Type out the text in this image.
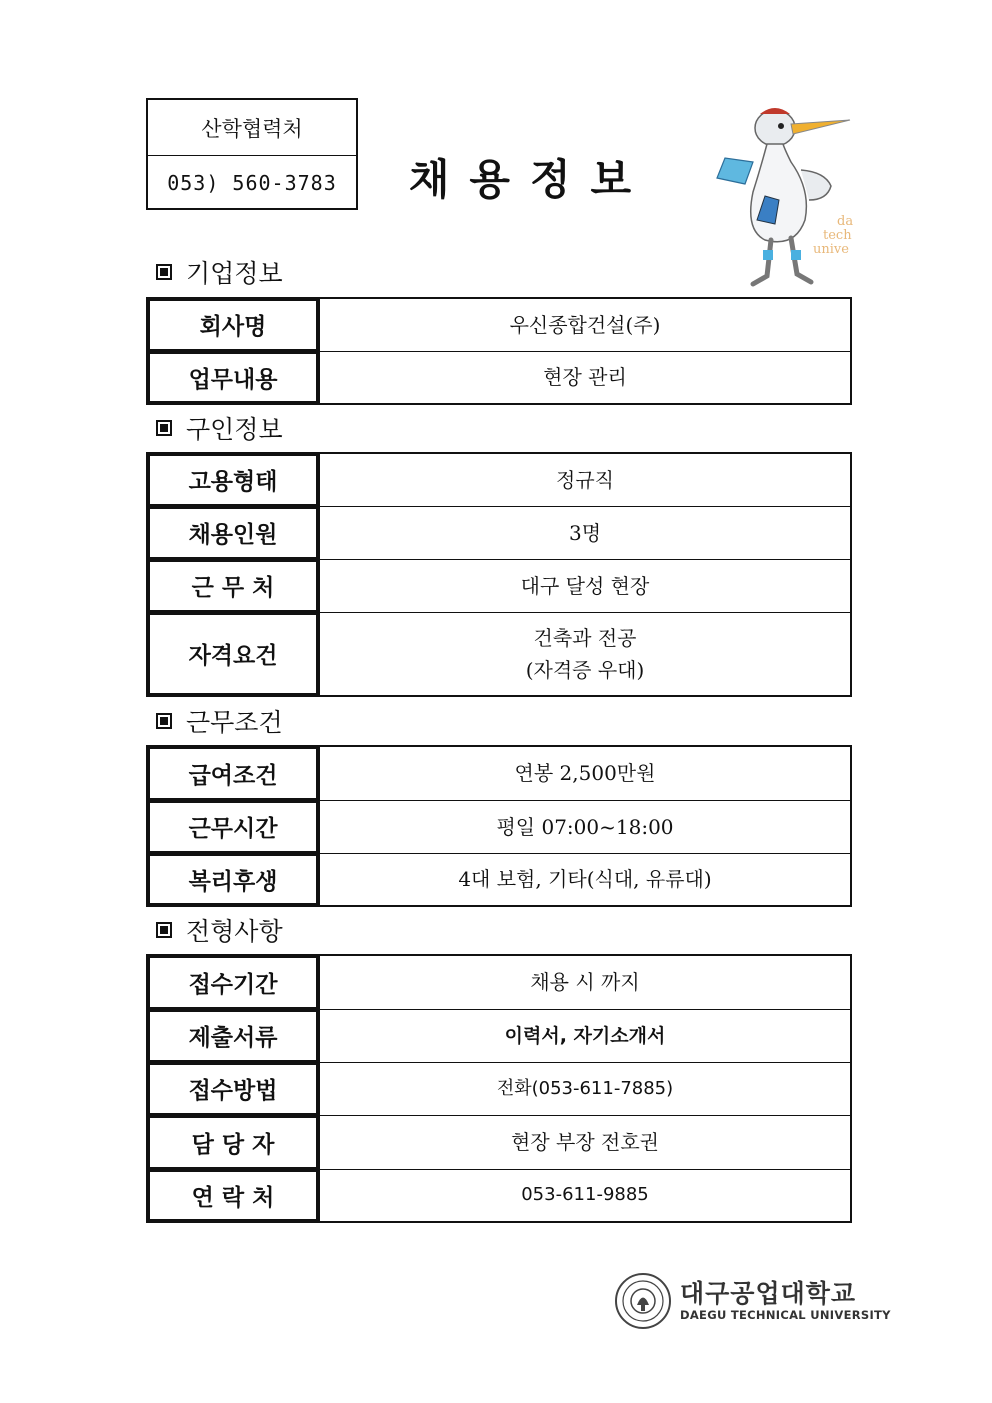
산학협력처
053) 560-3783	채용정보
da
tech
unive
기업정보
회사명	우신종합건설(주)
업무내용	현장 관리
구인정보
고용형태	정규직
채용인원	3명
근 무 처	대구 달성 현장
자격요건	건축과 전공
(자격증 우대)
근무조건
급여조건	연봉 2,500만원
근무시간	평일 07:00~18:00
복리후생	4대 보험, 기타(식대, 유류대)
전형사항
접수기간	채용 시 까지
제출서류	이력서, 자기소개서
접수방법	전화(053-611-7885)
담 당 자	현장 부장 전호권
연 락 처	053-611-9885
대구공업대학교
DAEGU TECHNICAL UNIVERSITY
